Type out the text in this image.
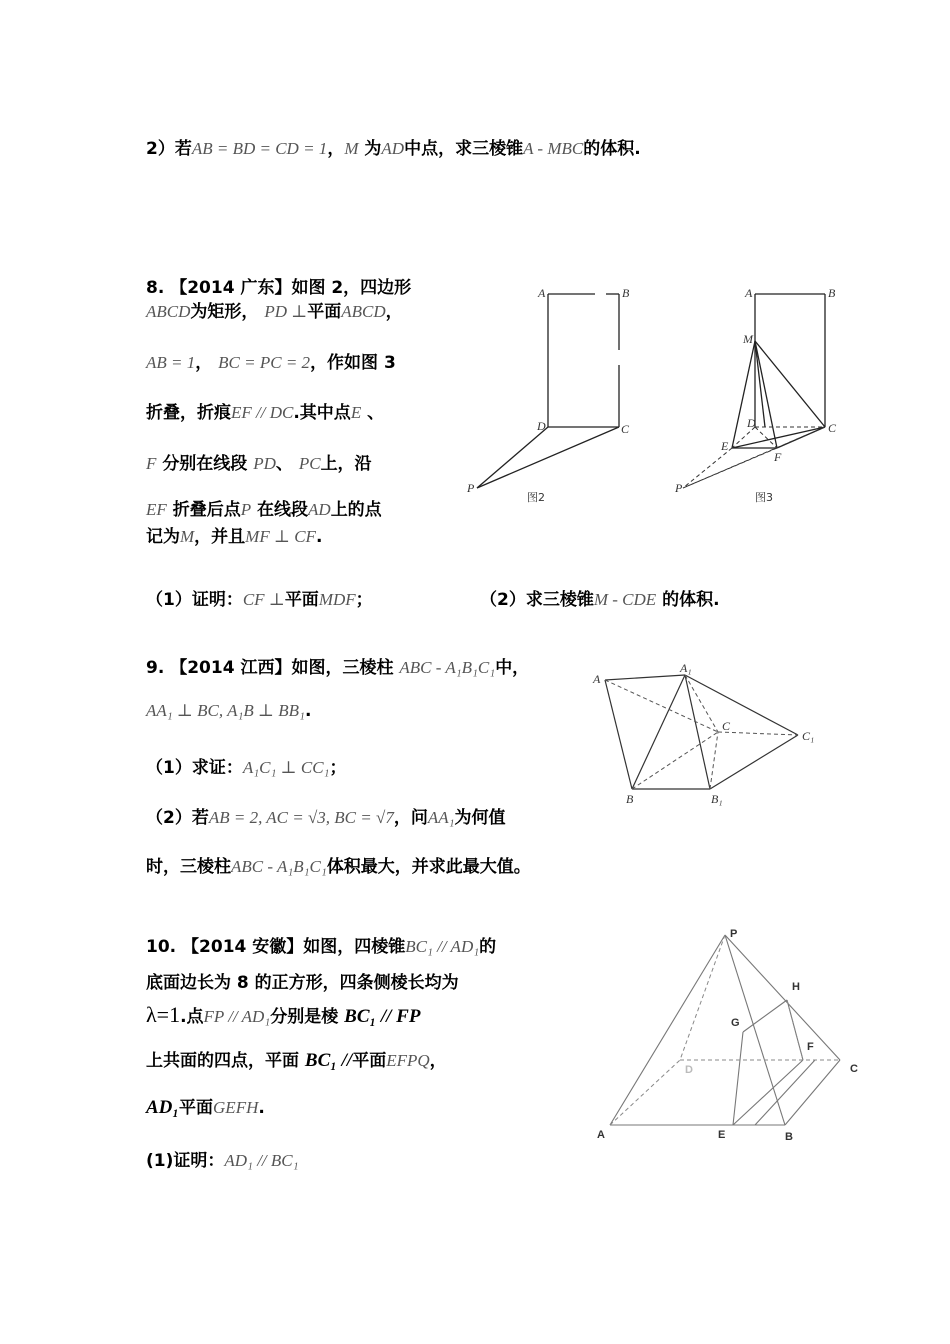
2）若AB = BD = CD = 1，M 为AD中点，求三棱锥A - MBC的体积.
8. 【2014 广东】如图 2，四边形
ABCD为矩形， PD ⊥平面ABCD，
AB = 1， BC = PC = 2，作如图 3
折叠，折痕EF // DC.其中点E 、
F 分别在线段 PD、 PC上，沿
EF 折叠后点P 在线段AD上的点
记为M，并且MF ⊥ CF.
（1）证明：CF ⊥平面MDF；	（2）求三棱锥M - CDE 的体积.
A	B
D	C
P
图2
A	B
M
D	C
E
F
P
图3
9. 【2014 江西】如图，三棱柱 ABC - A₁B₁C₁中，
AA₁ ⊥ BC, A₁B ⊥ BB₁.
（1）求证：A₁C₁ ⊥ CC₁；
（2）若AB = 2, AC = √3, BC = √7，问AA₁为何值
时，三棱柱ABC - A₁B₁C₁体积最大，并求此最大值。
A
A₁
C
C₁
B	B₁
10. 【2014 安徽】如图，四棱锥BC₁ // AD₁的
底面边长为 8 的正方形，四条侧棱长均为
λ=1.点FP // AD₁分别是棱 BC₁ // FP
上共面的四点，平面 BC₁ //平面EFPQ，
AD₁平面GEFH.
(1)证明：AD₁ // BC₁
P
H
G
F
C
D
A	E	B
